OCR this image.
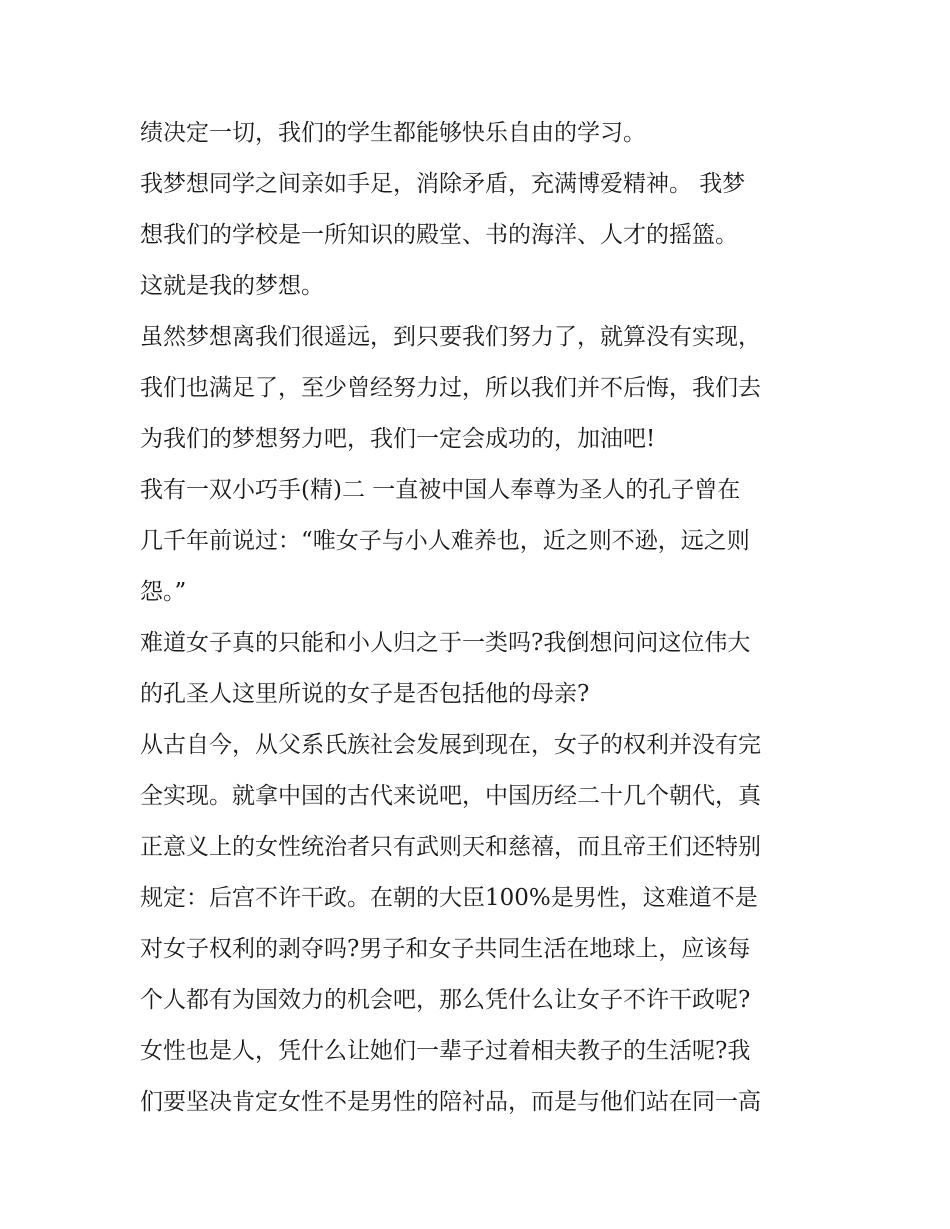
绩决定一切，我们的学生都能够快乐自由的学习。
我梦想同学之间亲如手足，消除矛盾，充满博爱精神。 我梦
想我们的学校是一所知识的殿堂、书的海洋、人才的摇篮。
这就是我的梦想。
虽然梦想离我们很遥远，到只要我们努力了，就算没有实现，
我们也满足了，至少曾经努力过，所以我们并不后悔，我们去
为我们的梦想努力吧，我们一定会成功的，加油吧!
我有一双小巧手(精)二 一直被中国人奉尊为圣人的孔子曾在
几千年前说过：“唯女子与小人难养也，近之则不逊，远之则
怨。”
难道女子真的只能和小人归之于一类吗?我倒想问问这位伟大
的孔圣人这里所说的女子是否包括他的母亲?
从古自今，从父系氏族社会发展到现在，女子的权利并没有完
全实现。就拿中国的古代来说吧，中国历经二十几个朝代，真
正意义上的女性统治者只有武则天和慈禧，而且帝王们还特别
规定：后宫不许干政。在朝的大臣100%是男性，这难道不是
对女子权利的剥夺吗?男子和女子共同生活在地球上，应该每
个人都有为国效力的机会吧，那么凭什么让女子不许干政呢?
女性也是人，凭什么让她们一辈子过着相夫教子的生活呢?我
们要坚决肯定女性不是男性的陪衬品，而是与他们站在同一高
